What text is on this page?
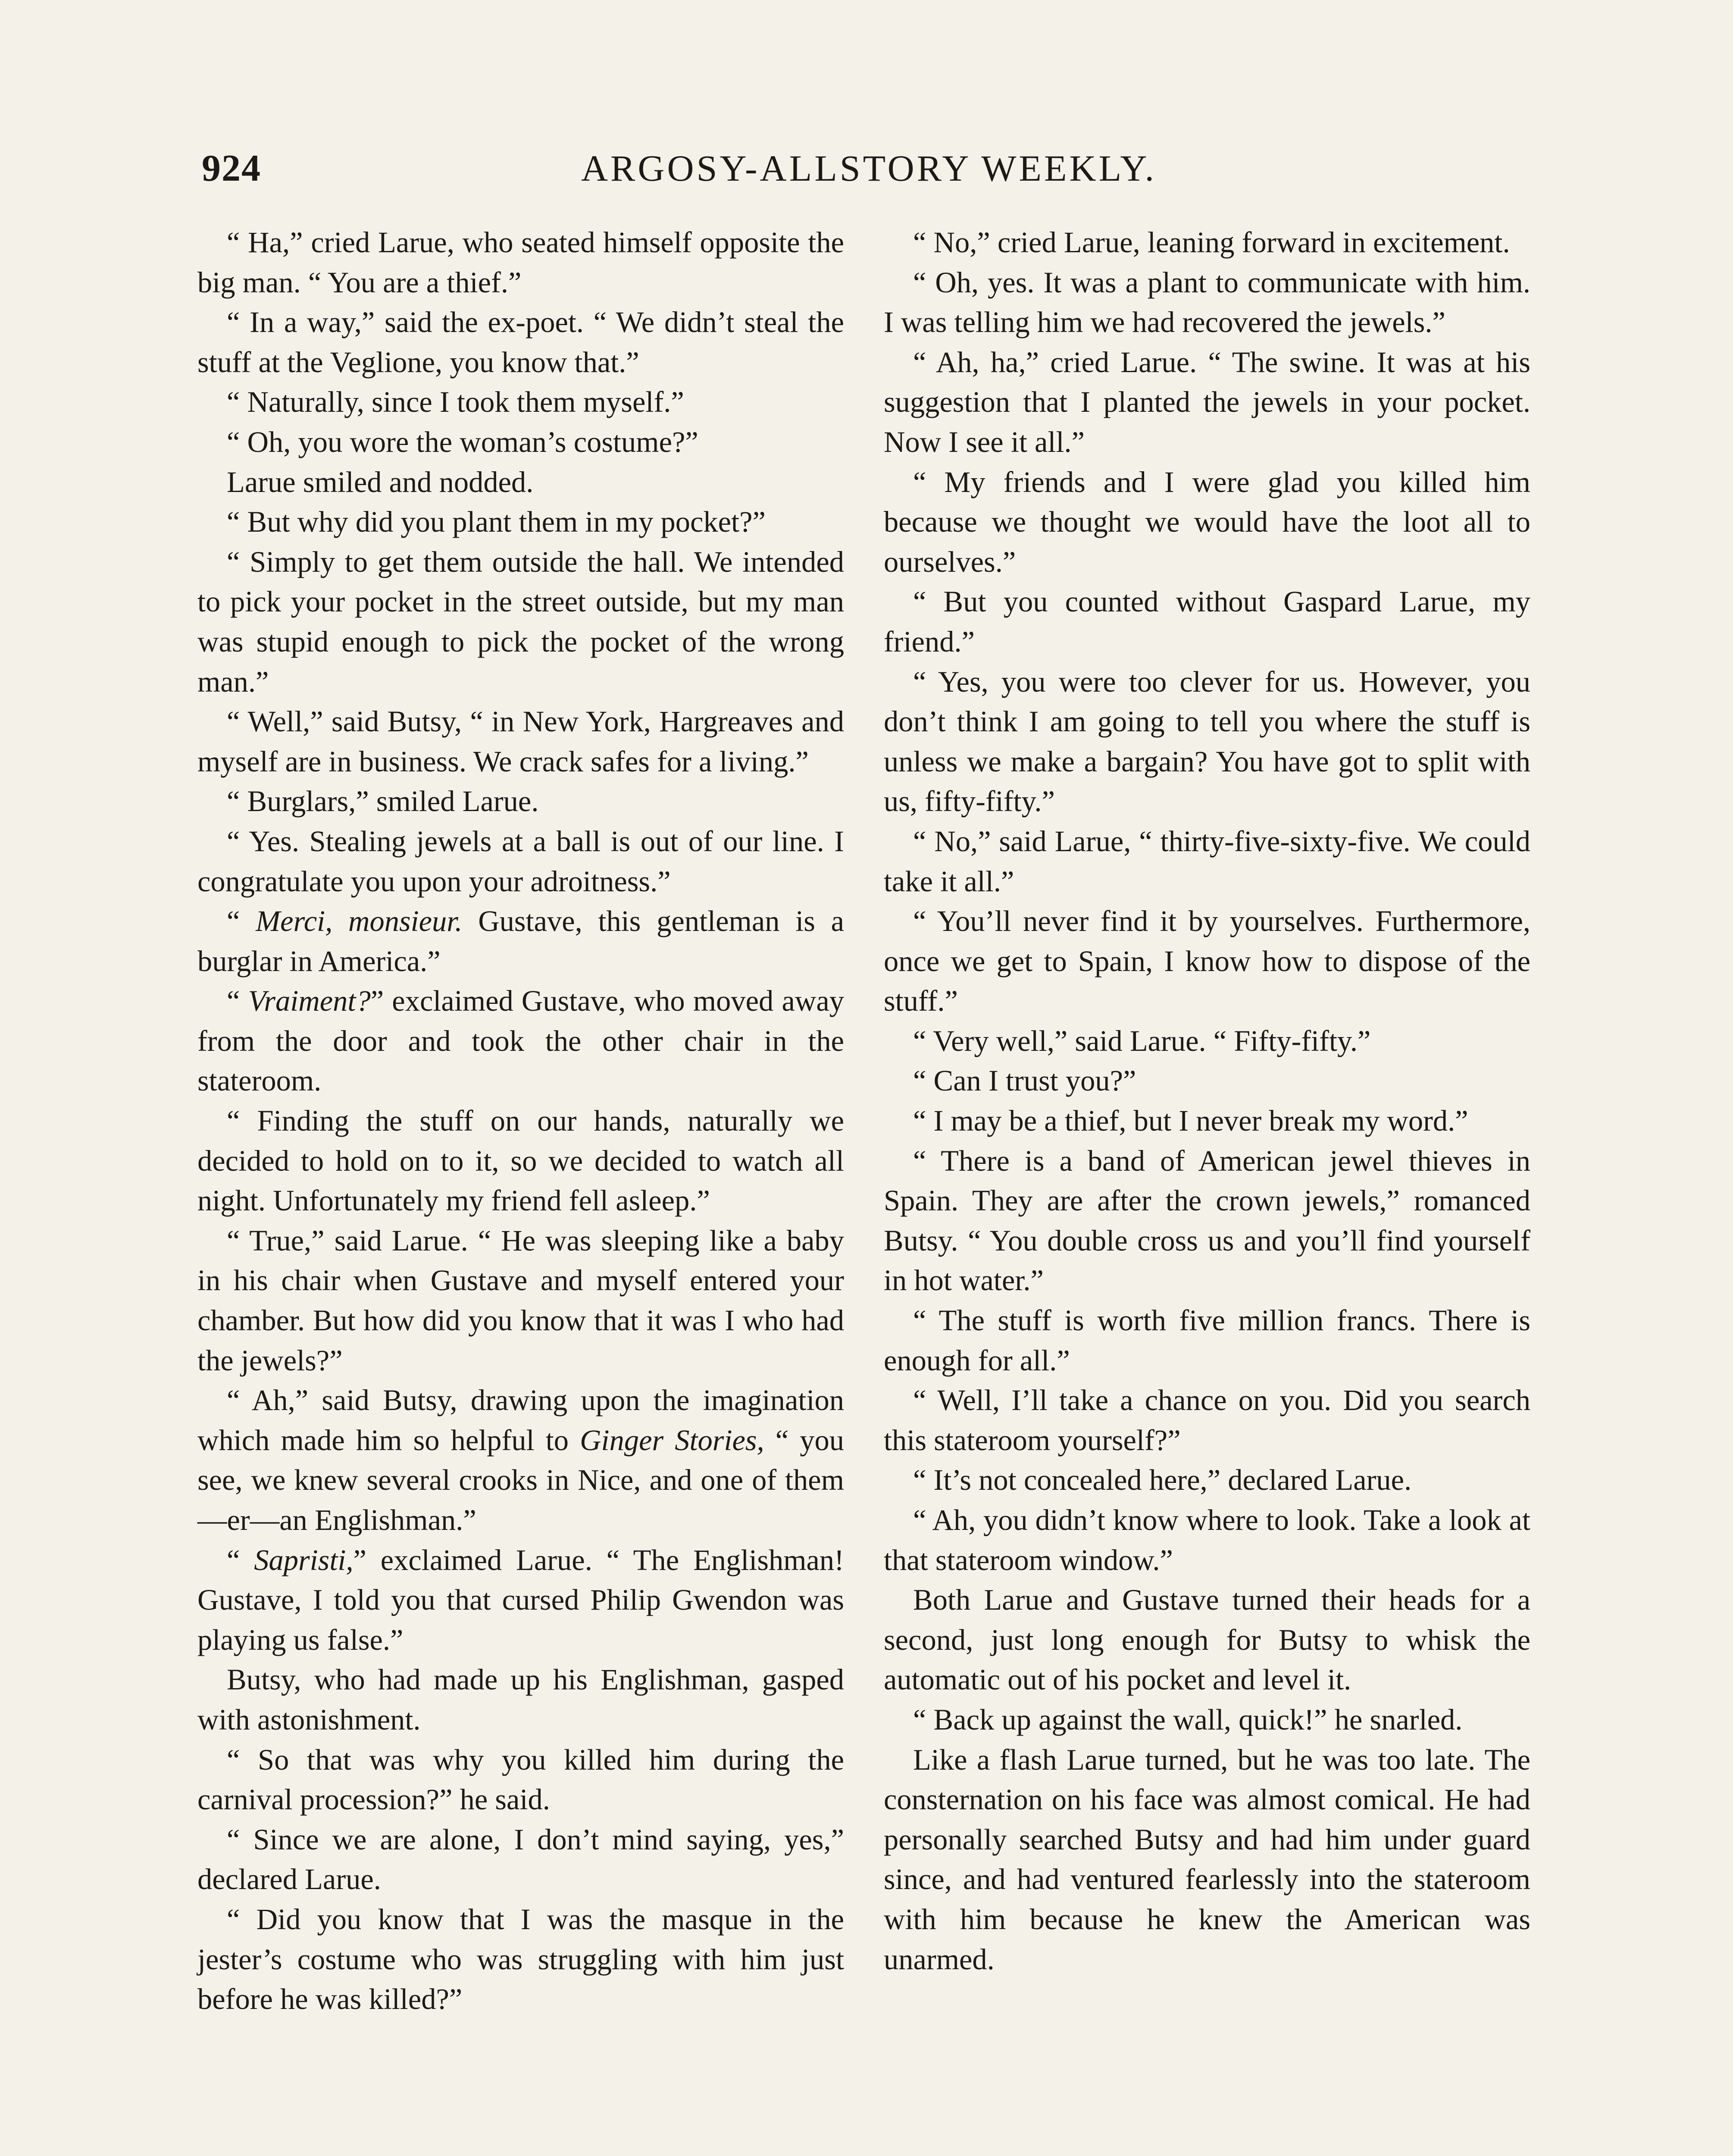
924	ARGOSY-ALLSTORY WEEKLY.

“ Ha,” cried Larue, who seated himself opposite the big man. “ You are a thief.”

“ In a way,” said the ex-poet. “ We didn’t steal the stuff at the Veglione, you know that.”

“ Naturally, since I took them myself.”

“ Oh, you wore the woman’s costume?”

Larue smiled and nodded.

“ But why did you plant them in my pocket?”

“ Simply to get them outside the hall. We intended to pick your pocket in the street outside, but my man was stupid enough to pick the pocket of the wrong man.”

“ Well,” said Butsy, “ in New York, Hargreaves and myself are in business. We crack safes for a living.”

“ Burglars,” smiled Larue.

“ Yes. Stealing jewels at a ball is out of our line. I congratulate you upon your adroitness.”

“ Merci, monsieur. Gustave, this gentleman is a burglar in America.”

“ Vraiment?” exclaimed Gustave, who moved away from the door and took the other chair in the stateroom.

“ Finding the stuff on our hands, naturally we decided to hold on to it, so we decided to watch all night. Unfortunately my friend fell asleep.”

“ True,” said Larue. “ He was sleeping like a baby in his chair when Gustave and myself entered your chamber. But how did you know that it was I who had the jewels?”

“ Ah,” said Butsy, drawing upon the imagination which made him so helpful to Ginger Stories, “ you see, we knew several crooks in Nice, and one of them—er—an Englishman.”

“ Sapristi,” exclaimed Larue. “ The Englishman! Gustave, I told you that cursed Philip Gwendon was playing us false.”

Butsy, who had made up his Englishman, gasped with astonishment.

“ So that was why you killed him during the carnival procession?” he said.

“ Since we are alone, I don’t mind saying, yes,” declared Larue.

“ Did you know that I was the masque in the jester’s costume who was struggling with him just before he was killed?”

“ No,” cried Larue, leaning forward in excitement.

“ Oh, yes. It was a plant to communicate with him. I was telling him we had recovered the jewels.”

“ Ah, ha,” cried Larue. “ The swine. It was at his suggestion that I planted the jewels in your pocket. Now I see it all.”

“ My friends and I were glad you killed him because we thought we would have the loot all to ourselves.”

“ But you counted without Gaspard Larue, my friend.”

“ Yes, you were too clever for us. However, you don’t think I am going to tell you where the stuff is unless we make a bargain? You have got to split with us, fifty-fifty.”

“ No,” said Larue, “ thirty-five-sixty-five. We could take it all.”

“ You’ll never find it by yourselves. Furthermore, once we get to Spain, I know how to dispose of the stuff.”

“ Very well,” said Larue. “ Fifty-fifty.”

“ Can I trust you?”

“ I may be a thief, but I never break my word.”

“ There is a band of American jewel thieves in Spain. They are after the crown jewels,” romanced Butsy. “ You double cross us and you’ll find yourself in hot water.”

“ The stuff is worth five million francs. There is enough for all.”

“ Well, I’ll take a chance on you. Did you search this stateroom yourself?”

“ It’s not concealed here,” declared Larue.

“ Ah, you didn’t know where to look. Take a look at that stateroom window.”

Both Larue and Gustave turned their heads for a second, just long enough for Butsy to whisk the automatic out of his pocket and level it.

“ Back up against the wall, quick!” he snarled.

Like a flash Larue turned, but he was too late. The consternation on his face was almost comical. He had personally searched Butsy and had him under guard since, and had ventured fearlessly into the stateroom with him because he knew the American was unarmed.
